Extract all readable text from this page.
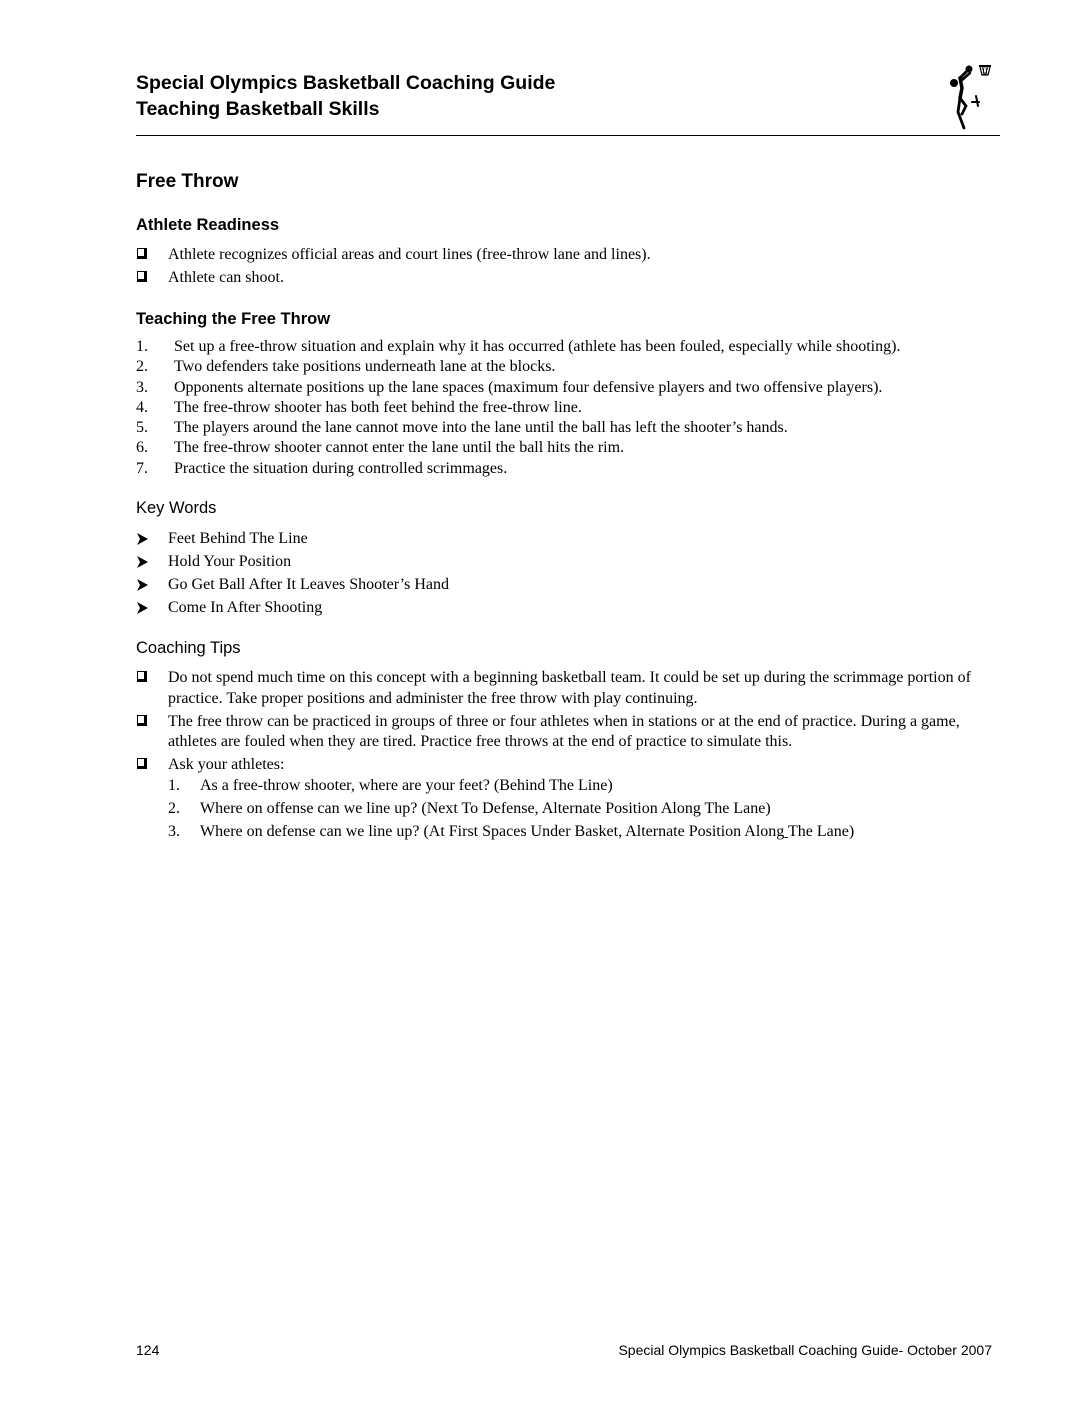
Special Olympics Basketball Coaching Guide
Teaching Basketball Skills
Free Throw
Athlete Readiness
Athlete recognizes official areas and court lines (free-throw lane and lines).
Athlete can shoot.
Teaching the Free Throw
1. Set up a free-throw situation and explain why it has occurred (athlete has been fouled, especially while shooting).
2. Two defenders take positions underneath lane at the blocks.
3. Opponents alternate positions up the lane spaces (maximum four defensive players and two offensive players).
4. The free-throw shooter has both feet behind the free-throw line.
5. The players around the lane cannot move into the lane until the ball has left the shooter’s hands.
6. The free-throw shooter cannot enter the lane until the ball hits the rim.
7. Practice the situation during controlled scrimmages.
Key Words
Feet Behind The Line
Hold Your Position
Go Get Ball After It Leaves Shooter’s Hand
Come In After Shooting
Coaching Tips
Do not spend much time on this concept with a beginning basketball team. It could be set up during the scrimmage portion of practice. Take proper positions and administer the free throw with play continuing.
The free throw can be practiced in groups of three or four athletes when in stations or at the end of practice. During a game, athletes are fouled when they are tired. Practice free throws at the end of practice to simulate this.
Ask your athletes:
1. As a free-throw shooter, where are your feet? (Behind The Line)
2. Where on offense can we line up? (Next To Defense, Alternate Position Along The Lane)
3. Where on defense can we line up? (At First Spaces Under Basket, Alternate Position Along The Lane)
124	Special Olympics Basketball Coaching Guide- October 2007
